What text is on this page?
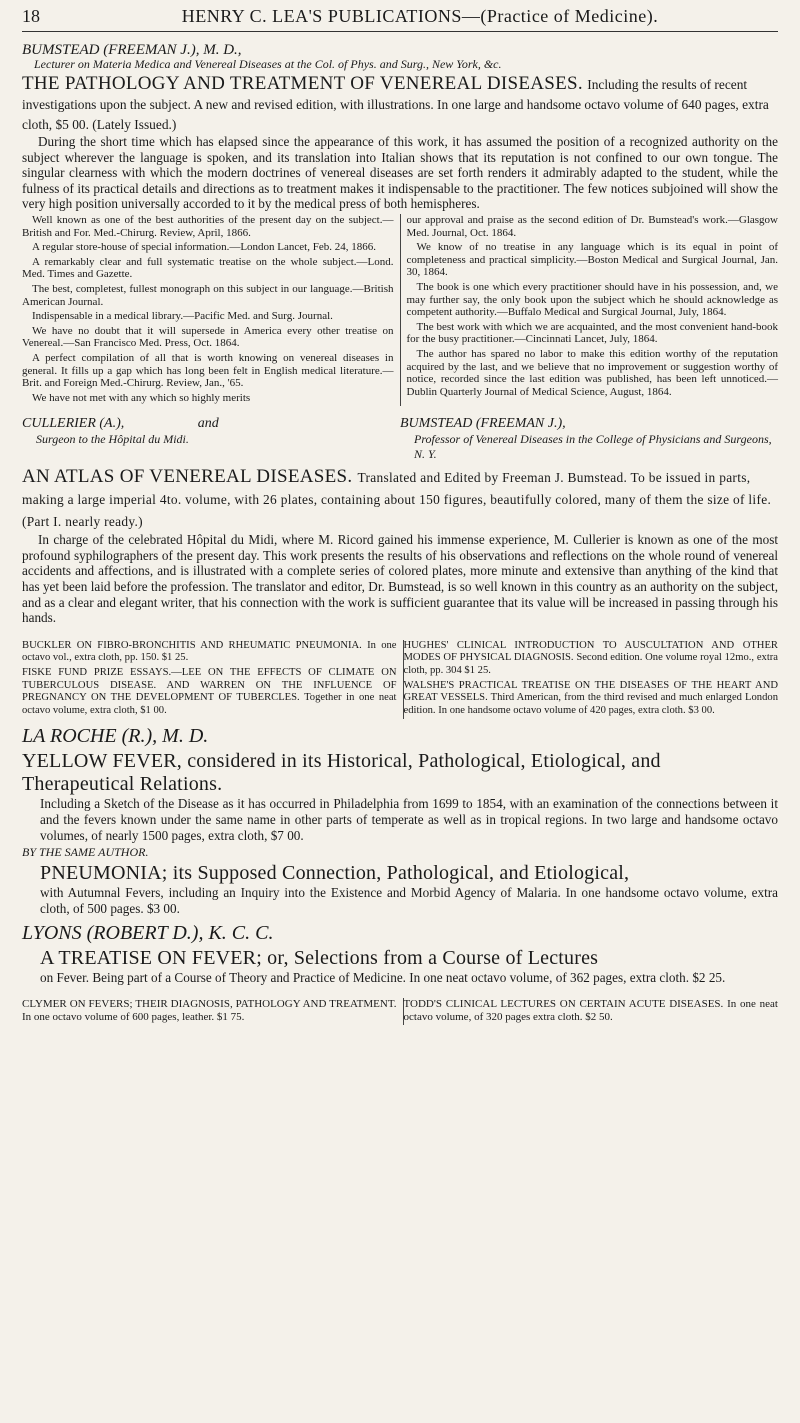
18	HENRY C. LEA'S PUBLICATIONS—(Practice of Medicine).
BUMSTEAD (FREEMAN J.), M. D.,
Lecturer on Materia Medica and Venereal Diseases at the Col. of Phys. and Surg., New York, &c.
THE PATHOLOGY AND TREATMENT OF VENEREAL DISEASES. Including the results of recent investigations upon the subject. A new and revised edition, with illustrations. In one large and handsome octavo volume of 640 pages, extra cloth, $5 00. (Lately Issued.)

During the short time which has elapsed since the appearance of this work, it has assumed the position of a recognized authority on the subject wherever the language is spoken, and its translation into Italian shows that its reputation is not confined to our own tongue. The singular clearness with which the modern doctrines of venereal diseases are set forth renders it admirably adapted to the student, while the fulness of its practical details and directions as to treatment makes it indispensable to the practitioner. The few notices subjoined will show the very high position universally accorded to it by the medical press of both hemispheres.

Well known as one of the best authorities of the present day on the subject.—British and For. Med.-Chirurg. Review, April, 1866.

A regular store-house of special information.—London Lancet, Feb. 24, 1866.

A remarkably clear and full systematic treatise on the whole subject.—Lond. Med. Times and Gazette.

The best, completest, fullest monograph on this subject in our language.—British American Journal.

Indispensable in a medical library.—Pacific Med. and Surg. Journal.

We have no doubt that it will supersede in America every other treatise on Venereal.—San Francisco Med. Press, Oct. 1864.

A perfect compilation of all that is worth knowing on venereal diseases in general. It fills up a gap which has long been felt in English medical literature.—Brit. and Foreign Med.-Chirurg. Review, Jan., '65.

We have not met with any which so highly merits

our approval and praise as the second edition of Dr. Bumstead's work.—Glasgow Med. Journal, Oct. 1864.

We know of no treatise in any language which is its equal in point of completeness and practical simplicity.—Boston Medical and Surgical Journal, Jan. 30, 1864.

The book is one which every practitioner should have in his possession, and, we may further say, the only book upon the subject which he should acknowledge as competent authority.—Buffalo Medical and Surgical Journal, July, 1864.

The best work with which we are acquainted, and the most convenient hand-book for the busy practitioner.—Cincinnati Lancet, July, 1864.

The author has spared no labor to make this edition worthy of the reputation acquired by the last, and we believe that no improvement or suggestion worthy of notice, recorded since the last edition was published, has been left unnoticed.—Dublin Quarterly Journal of Medical Science, August, 1864.

CULLERIER (A.),	and
Surgeon to the Hôpital du Midi.
BUMSTEAD (FREEMAN J.),
Professor of Venereal Diseases in the College of Physicians and Surgeons, N. Y.
AN ATLAS OF VENEREAL DISEASES. Translated and Edited by Freeman J. Bumstead. To be issued in parts, making a large imperial 4to. volume, with 26 plates, containing about 150 figures, beautifully colored, many of them the size of life. (Part I. nearly ready.)

In charge of the celebrated Hôpital du Midi, where M. Ricord gained his immense experience, M. Cullerier is known as one of the most profound syphilographers of the present day. This work presents the results of his observations and reflections on the whole round of venereal accidents and affections, and is illustrated with a complete series of colored plates, more minute and extensive than anything of the kind that has yet been laid before the profession. The translator and editor, Dr. Bumstead, is so well known in this country as an authority on the subject, and as a clear and elegant writer, that his connection with the work is sufficient guarantee that its value will be increased in passing through his hands.

BUCKLER ON FIBRO-BRONCHITIS AND RHEUMATIC PNEUMONIA. In one octavo vol., extra cloth, pp. 150. $1 25.

FISKE FUND PRIZE ESSAYS.—LEE ON THE EFFECTS OF CLIMATE ON TUBERCULOUS DISEASE. AND WARREN ON THE INFLUENCE OF PREGNANCY ON THE DEVELOPMENT OF TUBERCLES. Together in one neat octavo volume, extra cloth, $1 00.

HUGHES' CLINICAL INTRODUCTION TO AUSCULTATION AND OTHER MODES OF PHYSICAL DIAGNOSIS. Second edition. One volume royal 12mo., extra cloth, pp. 304 $1 25.

WALSHE'S PRACTICAL TREATISE ON THE DISEASES OF THE HEART AND GREAT VESSELS. Third American, from the third revised and much enlarged London edition. In one handsome octavo volume of 420 pages, extra cloth. $3 00.

LA ROCHE (R.), M. D.
YELLOW FEVER, considered in its Historical, Pathological, Etiological, and Therapeutical Relations.

Including a Sketch of the Disease as it has occurred in Philadelphia from 1699 to 1854, with an examination of the connections between it and the fevers known under the same name in other parts of temperate as well as in tropical regions. In two large and handsome octavo volumes, of nearly 1500 pages, extra cloth, $7 00.

BY THE SAME AUTHOR.
PNEUMONIA; its Supposed Connection, Pathological, and Etiological,

with Autumnal Fevers, including an Inquiry into the Existence and Morbid Agency of Malaria. In one handsome octavo volume, extra cloth, of 500 pages. $3 00.

LYONS (ROBERT D.), K. C. C.
A TREATISE ON FEVER; or, Selections from a Course of Lectures

on Fever. Being part of a Course of Theory and Practice of Medicine. In one neat octavo volume, of 362 pages, extra cloth. $2 25.

CLYMER ON FEVERS; THEIR DIAGNOSIS, PATHOLOGY AND TREATMENT. In one octavo volume of 600 pages, leather. $1 75.

TODD'S CLINICAL LECTURES ON CERTAIN ACUTE DISEASES. In one neat octavo volume, of 320 pages extra cloth. $2 50.
